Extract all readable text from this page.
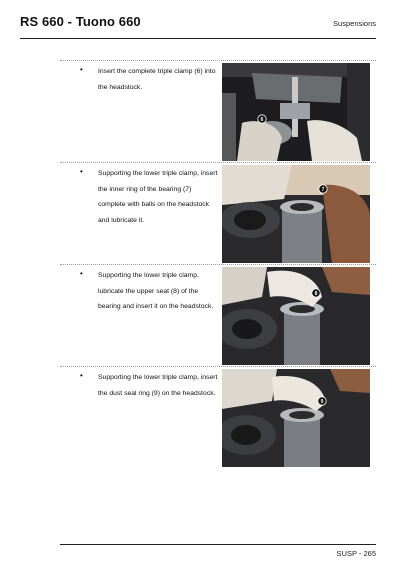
RS 660 - Tuono 660	Suspensions
• Insert the complete triple clamp (6) into the headstock.
6
• Supporting the lower triple clamp, insert the inner ring of the bearing (7) complete with balls on the headstock and lubricate it.
7
• Supporting the lower triple clamp, lubricate the upper seat (8) of the bearing and insert it on the headstock.
8
• Supporting the lower triple clamp, insert the dust seal ring (9) on the headstock.
9
SUSP - 265
